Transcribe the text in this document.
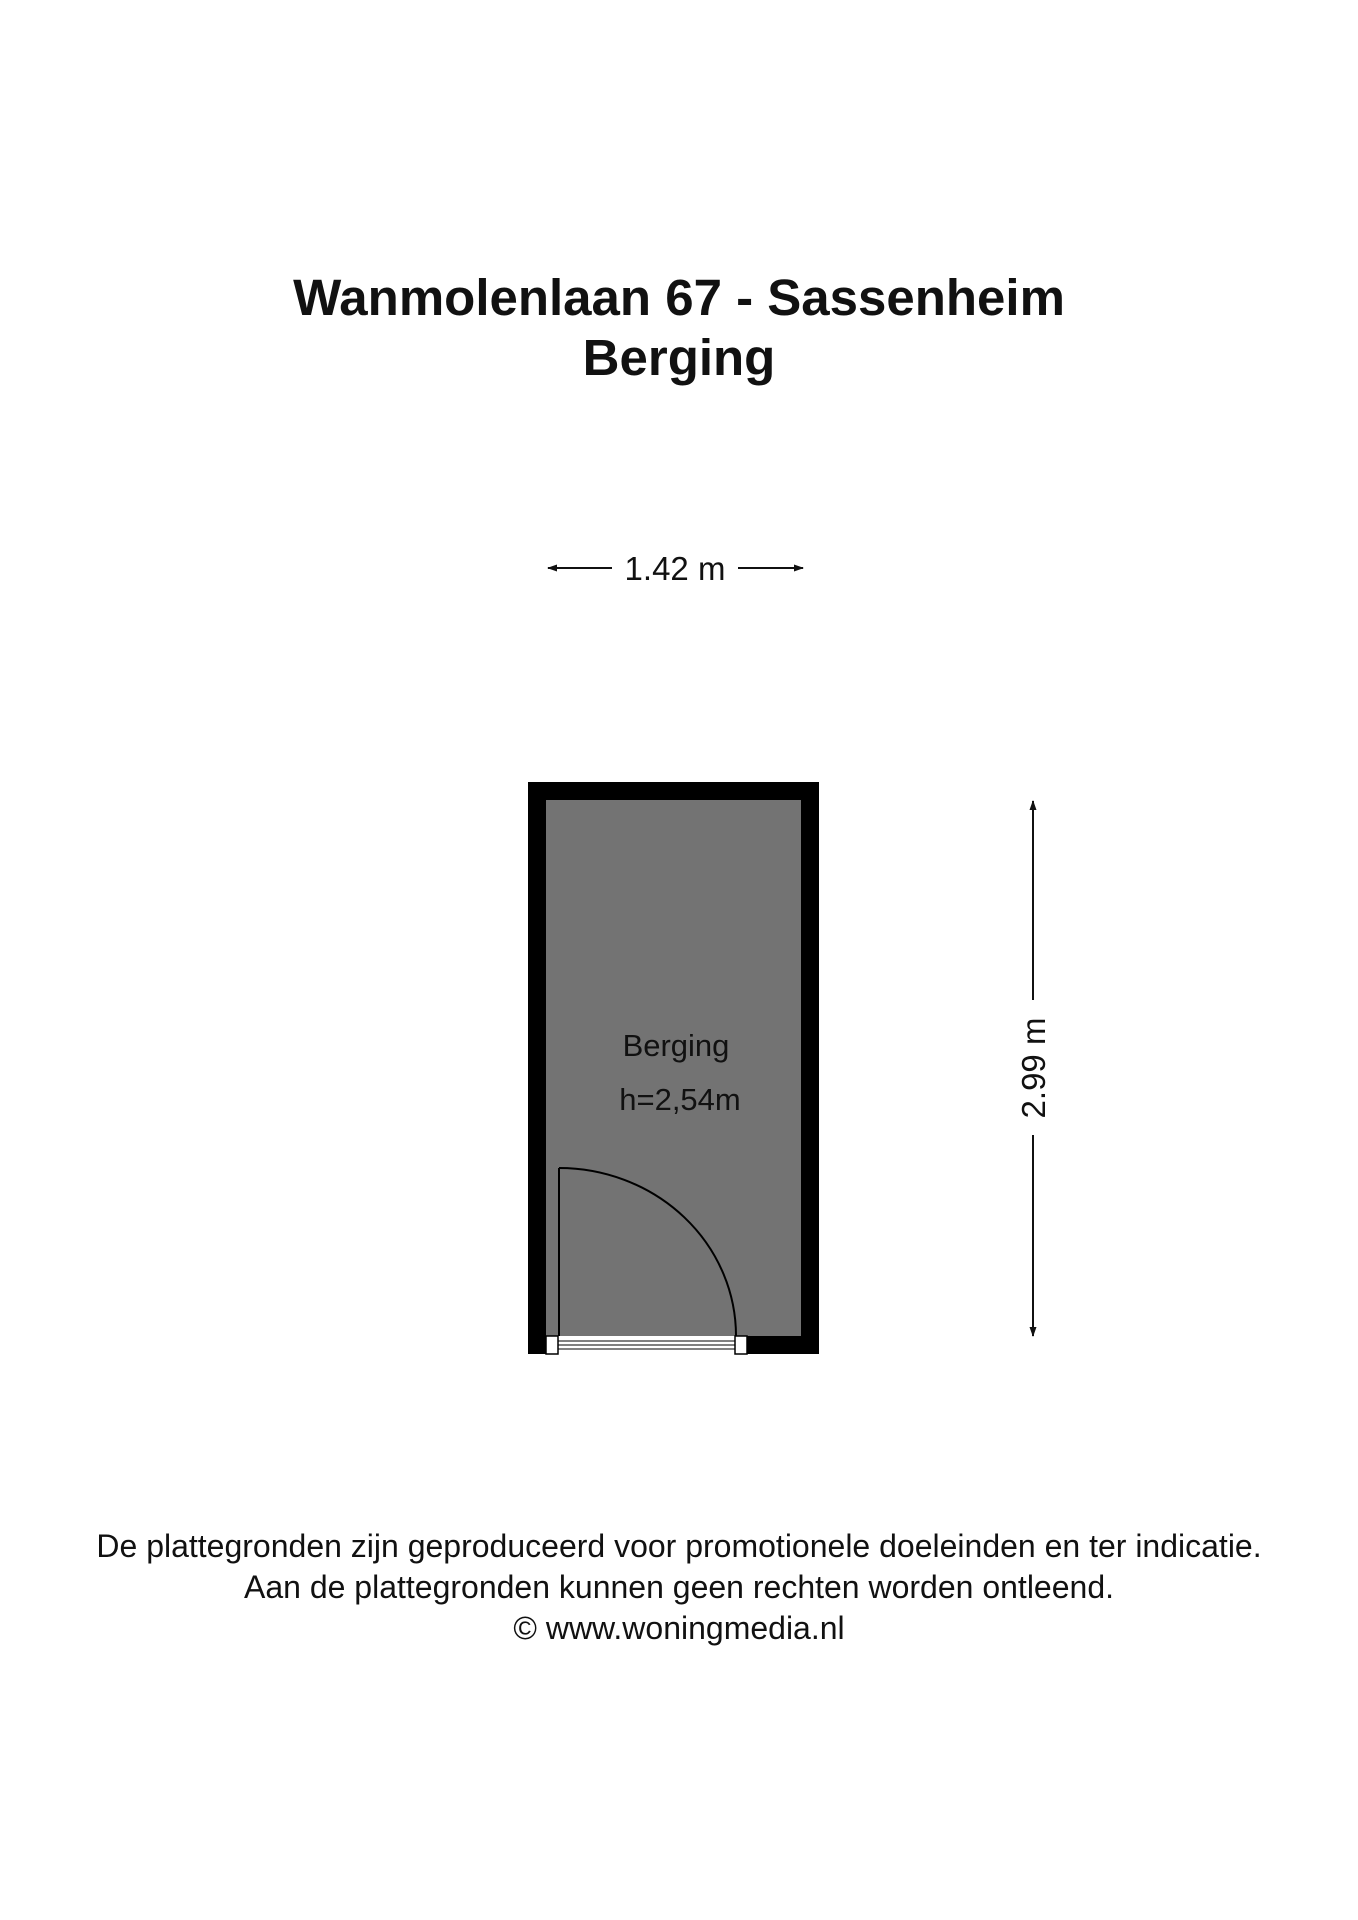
Wanmolenlaan 67 - Sassenheim
Berging
1.42 m
Berging
h=2,54m	2.99 m
De plattegronden zijn geproduceerd voor promotionele doeleinden en ter indicatie.
Aan de plattegronden kunnen geen rechten worden ontleend.
© www.woningmedia.nl
